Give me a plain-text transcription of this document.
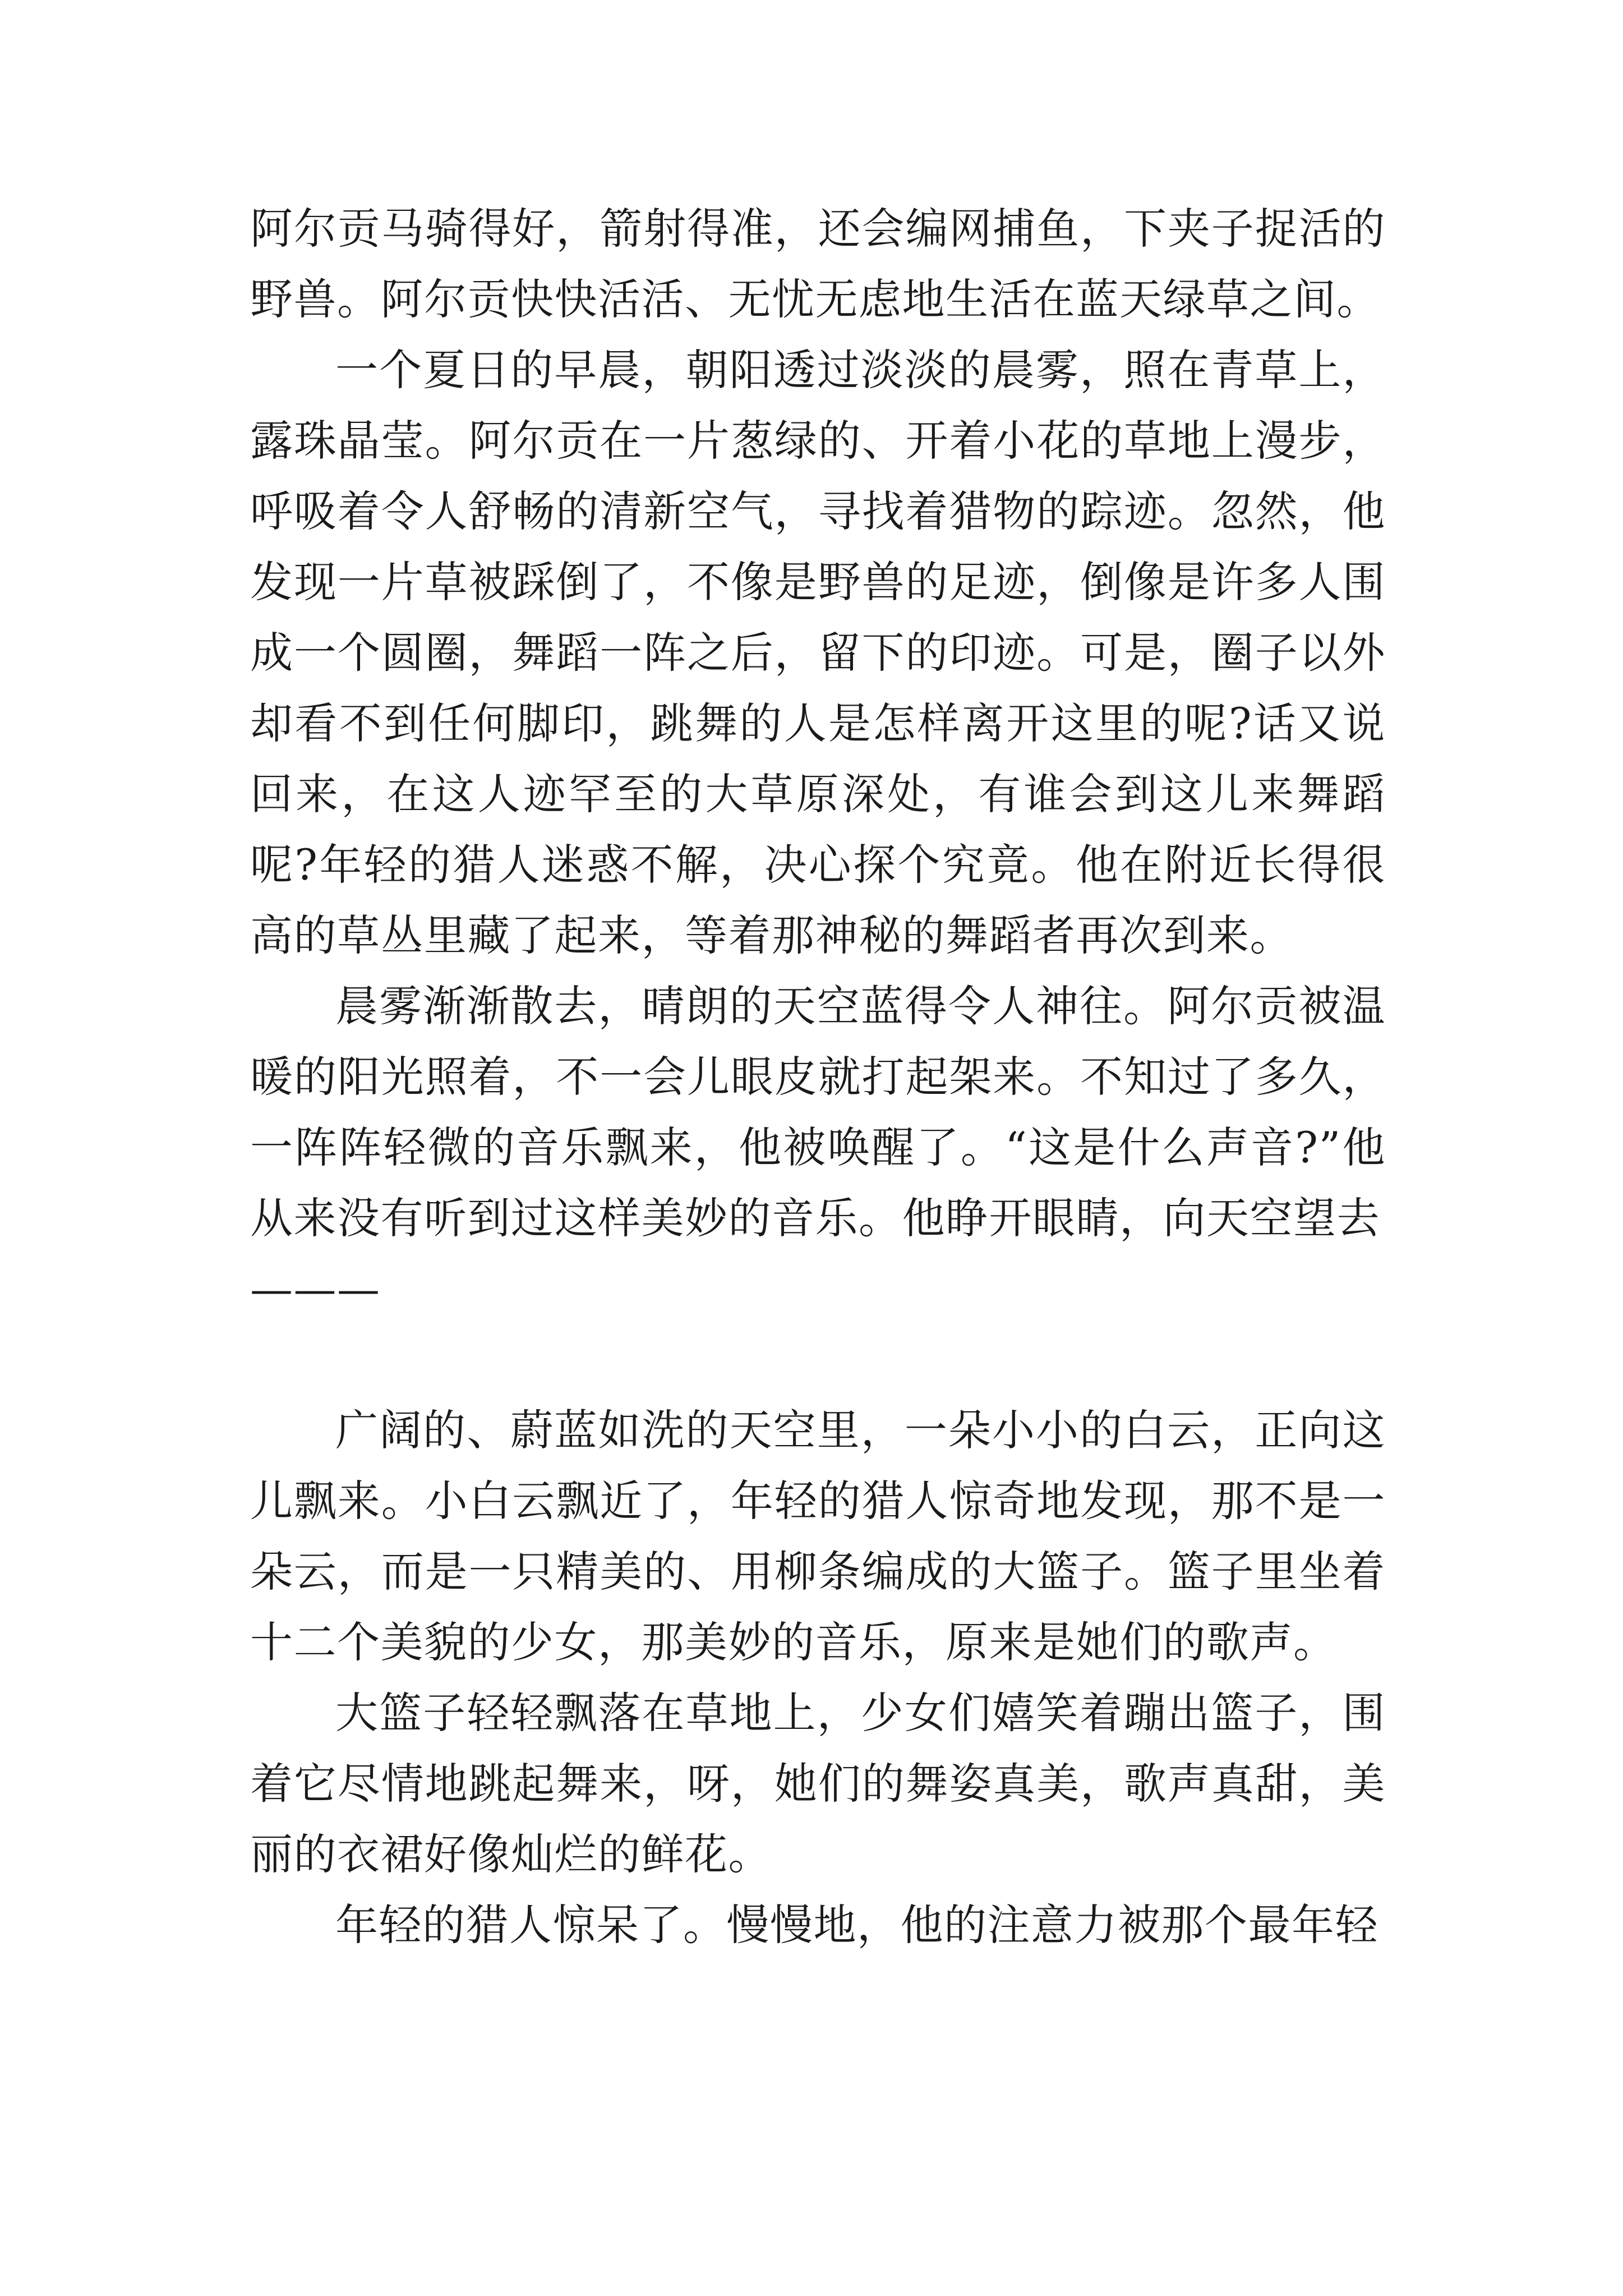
阿尔贡马骑得好，箭射得准，还会编网捕鱼，下夹子捉活的野兽。阿尔贡快快活活、无忧无虑地生活在蓝天绿草之间。

一个夏日的早晨，朝阳透过淡淡的晨雾，照在青草上，露珠晶莹。阿尔贡在一片葱绿的、开着小花的草地上漫步，呼吸着令人舒畅的清新空气，寻找着猎物的踪迹。忽然，他发现一片草被踩倒了，不像是野兽的足迹，倒像是许多人围成一个圆圈，舞蹈一阵之后，留下的印迹。可是，圈子以外却看不到任何脚印，跳舞的人是怎样离开这里的呢?话又说回来，在这人迹罕至的大草原深处，有谁会到这儿来舞蹈呢?年轻的猎人迷惑不解，决心探个究竟。他在附近长得很高的草丛里藏了起来，等着那神秘的舞蹈者再次到来。

晨雾渐渐散去，晴朗的天空蓝得令人神往。阿尔贡被温暖的阳光照着，不一会儿眼皮就打起架来。不知过了多久，一阵阵轻微的音乐飘来，他被唤醒了。“这是什么声音?”他从来没有听到过这样美妙的音乐。他睁开眼睛，向天空望去

———

广阔的、蔚蓝如洗的天空里，一朵小小的白云，正向这儿飘来。小白云飘近了，年轻的猎人惊奇地发现，那不是一朵云，而是一只精美的、用柳条编成的大篮子。篮子里坐着十二个美貌的少女，那美妙的音乐，原来是她们的歌声。

大篮子轻轻飘落在草地上，少女们嬉笑着蹦出篮子，围着它尽情地跳起舞来，呀，她们的舞姿真美，歌声真甜，美丽的衣裙好像灿烂的鲜花。

年轻的猎人惊呆了。慢慢地，他的注意力被那个最年轻
